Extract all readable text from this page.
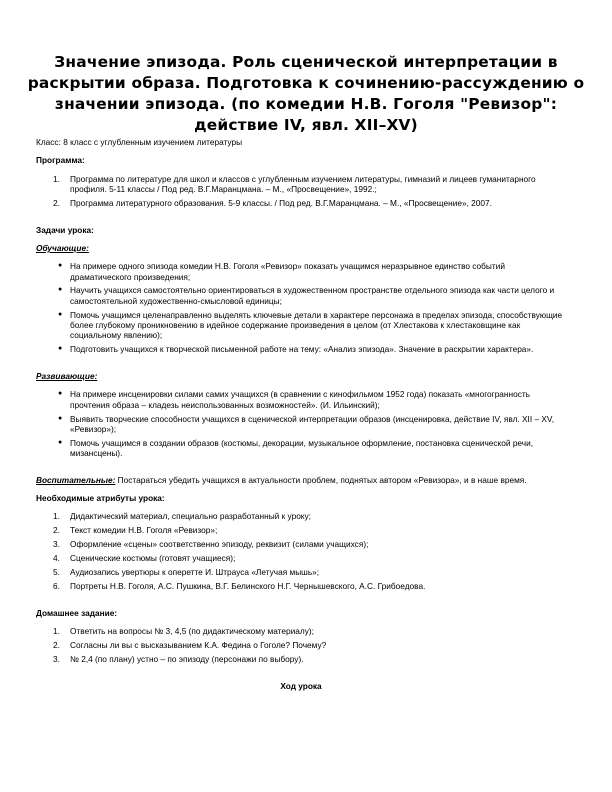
Значение эпизода. Роль сценической интерпретации в раскрытии образа. Подготовка к сочинению-рассуждению о значении эпизода. (по комедии Н.В. Гоголя "Ревизор": действие IV, явл. XII–XV)

Класс: 8 класс с углубленным изучением литературы

Программа:

1. Программа по литературе для школ и классов с углубленным изучением литературы, гимназий и лицеев гуманитарного профиля. 5-11 классы / Под ред. В.Г.Маранцмана. – М., «Просвещение», 1992.;
2. Программа литературного образования. 5-9 классы. / Под ред. В.Г.Маранцмана. – М., «Просвещение», 2007.

Задачи урока:

Обучающие:

● На примере одного эпизода комедии Н.В. Гоголя «Ревизор» показать учащимся неразрывное единство событий драматического произведения;
● Научить учащихся самостоятельно ориентироваться в художественном пространстве отдельного эпизода как части целого и самостоятельной художественно-смысловой единицы;
● Помочь учащимся целенаправленно выделять ключевые детали в характере персонажа в пределах эпизода, способствующие более глубокому проникновению в идейное содержание произведения в целом (от Хлестакова к хлестаковщине как социальному явлению);
● Подготовить учащихся к творческой письменной работе на тему: «Анализ эпизода». Значение в раскрытии характера».

Развивающие:

● На примере инсценировки силами самих учащихся (в сравнении с кинофильмом 1952 года) показать «многогранность прочтения образа – кладезь неиспользованных возможностей». (И. Ильинский);
● Выявить творческие способности учащихся в сценической интерпретации образов (инсценировка, действие IV, явл. XII – XV, «Ревизор»);
● Помочь учащимся в создании образов (костюмы, декорации, музыкальное оформление, постановка сценической речи, мизансцены).

Воспитательные: Постараться убедить учащихся в актуальности проблем, поднятых автором «Ревизора», и в наше время.

Необходимые атрибуты урока:

1. Дидактический материал, специально разработанный к уроку;
2. Текст комедии Н.В. Гоголя «Ревизор»;
3. Оформление «сцены» соответственно эпизоду, реквизит (силами учащихся);
4. Сценические костюмы (готовят учащиеся);
5. Аудиозапись увертюры к оперетте И. Штрауса «Летучая мышь»;
6. Портреты Н.В. Гоголя, А.С. Пушкина, В.Г. Белинского Н.Г. Чернышевского, А.С. Грибоедова.

Домашнее задание:

1. Ответить на вопросы № 3, 4,5 (по дидактическому материалу);
2. Согласны ли вы с высказыванием К.А. Федина о Гоголе? Почему?
3. № 2,4 (по плану) устно – по эпизоду (персонажи по выбору).

Ход урока
